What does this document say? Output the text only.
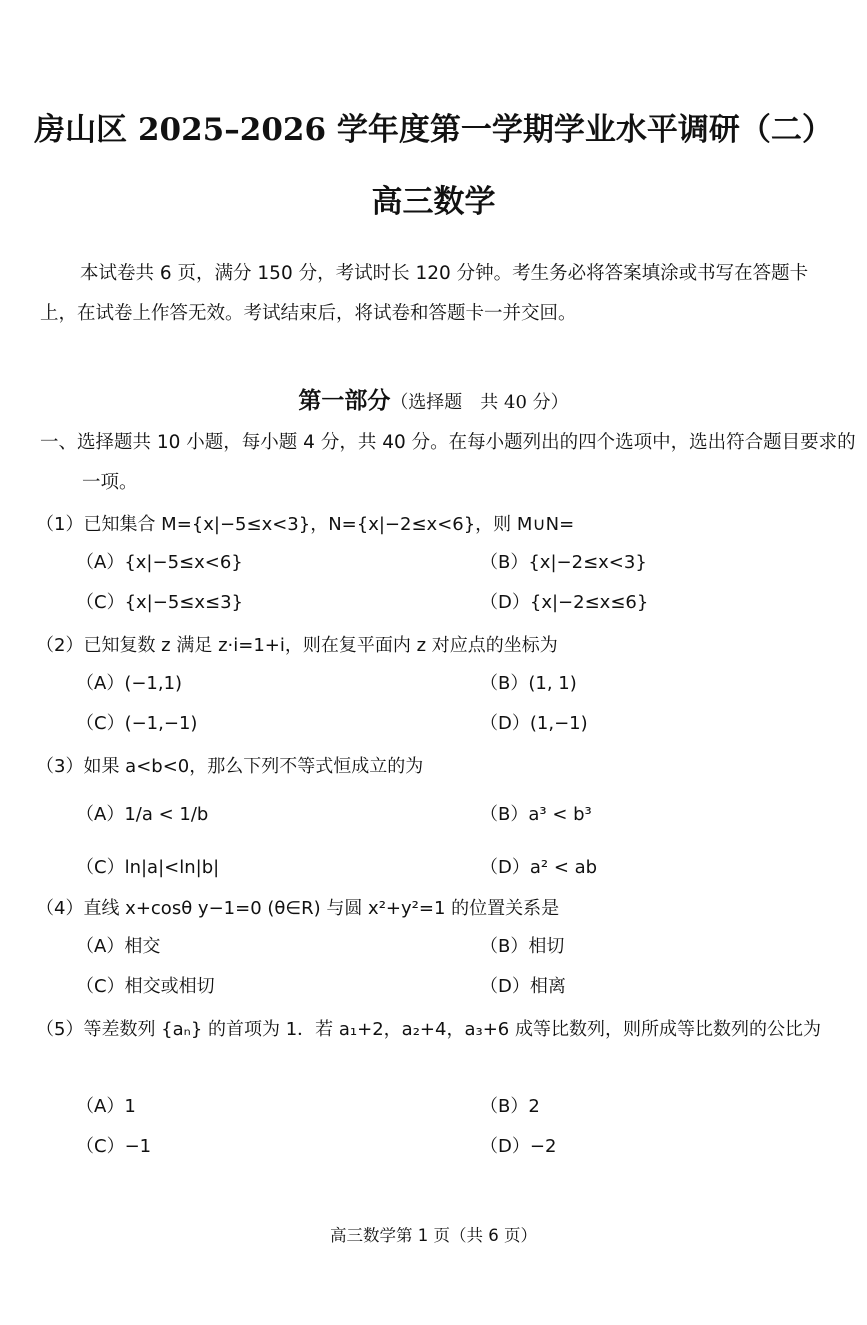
房山区 2025–2026 学年度第一学期学业水平调研（二）
高三数学
本试卷共 6 页，满分 150 分，考试时长 120 分钟。考生务必将答案填涂或书写在答题卡上，在试卷上作答无效。考试结束后，将试卷和答题卡一并交回。
第一部分（选择题　共 40 分）
一、选择题共 10 小题，每小题 4 分，共 40 分。在每小题列出的四个选项中，选出符合题目要求的一项。
（1）已知集合 M={x|−5≤x<3}，N={x|−2≤x<6}，则 M∪N=
（A）{x|−5≤x<6}	（B）{x|−2≤x<3}
（C）{x|−5≤x≤3}	（D）{x|−2≤x≤6}
（2）已知复数 z 满足 z·i=1+i，则在复平面内 z 对应点的坐标为
（A）(−1,1)	（B）(1, 1)
（C）(−1,−1)	（D）(1,−1)
（3）如果 a<b<0，那么下列不等式恒成立的为
（A）1/a < 1/b	（B）a³ < b³
（C）ln|a|<ln|b|	（D）a² < ab
（4）直线 x+cosθ y−1=0 (θ∈R) 与圆 x²+y²=1 的位置关系是
（A）相交	（B）相切
（C）相交或相切	（D）相离
（5）等差数列 {aₙ} 的首项为 1．若 a₁+2，a₂+4，a₃+6 成等比数列，则所成等比数列的公比为
（A）1	（B）2
（C）−1	（D）−2
高三数学第 1 页（共 6 页）
